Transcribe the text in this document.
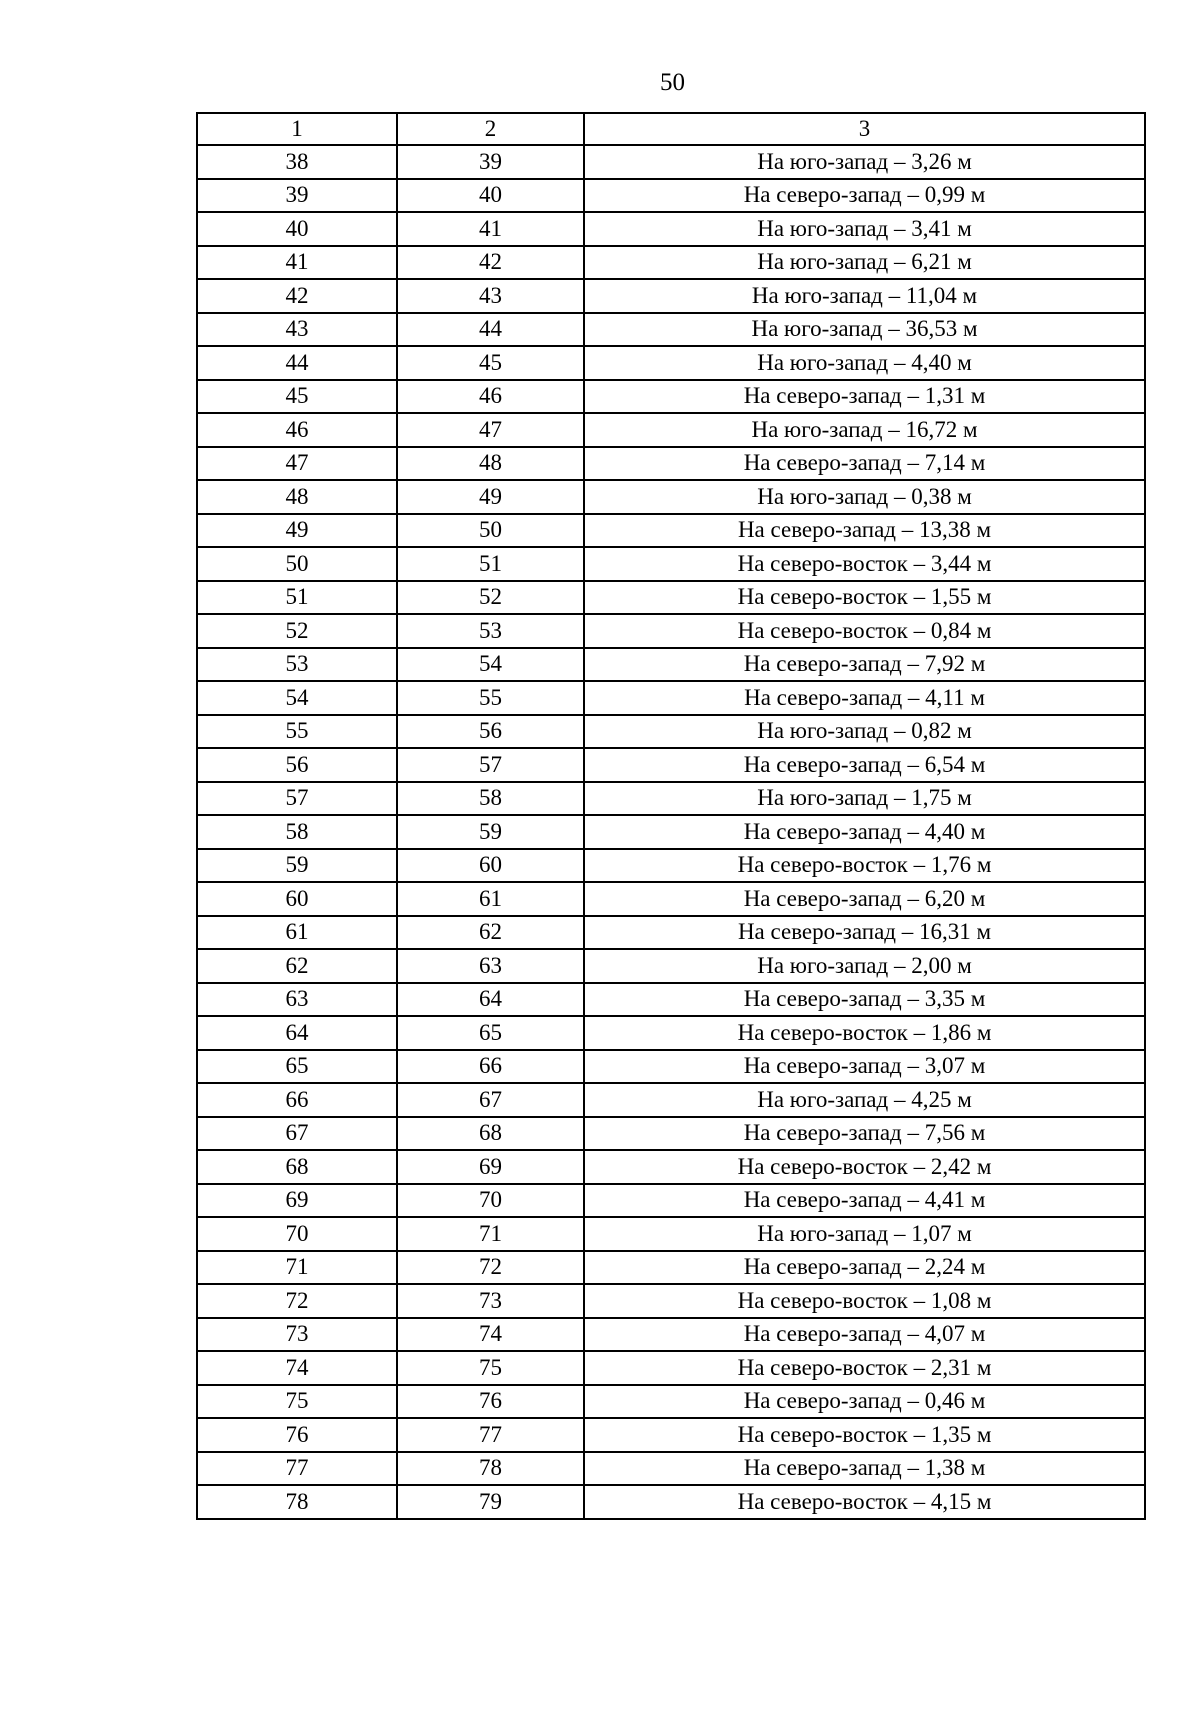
50
1	2	3
38	39	На юго-запад – 3,26 м
39	40	На северо-запад – 0,99 м
40	41	На юго-запад – 3,41 м
41	42	На юго-запад – 6,21 м
42	43	На юго-запад – 11,04 м
43	44	На юго-запад – 36,53 м
44	45	На юго-запад – 4,40 м
45	46	На северо-запад – 1,31 м
46	47	На юго-запад – 16,72 м
47	48	На северо-запад – 7,14 м
48	49	На юго-запад – 0,38 м
49	50	На северо-запад – 13,38 м
50	51	На северо-восток – 3,44 м
51	52	На северо-восток – 1,55 м
52	53	На северо-восток – 0,84 м
53	54	На северо-запад – 7,92 м
54	55	На северо-запад – 4,11 м
55	56	На юго-запад – 0,82 м
56	57	На северо-запад – 6,54 м
57	58	На юго-запад – 1,75 м
58	59	На северо-запад – 4,40 м
59	60	На северо-восток – 1,76 м
60	61	На северо-запад – 6,20 м
61	62	На северо-запад – 16,31 м
62	63	На юго-запад – 2,00 м
63	64	На северо-запад – 3,35 м
64	65	На северо-восток – 1,86 м
65	66	На северо-запад – 3,07 м
66	67	На юго-запад – 4,25 м
67	68	На северо-запад – 7,56 м
68	69	На северо-восток – 2,42 м
69	70	На северо-запад – 4,41 м
70	71	На юго-запад – 1,07 м
71	72	На северо-запад – 2,24 м
72	73	На северо-восток – 1,08 м
73	74	На северо-запад – 4,07 м
74	75	На северо-восток – 2,31 м
75	76	На северо-запад – 0,46 м
76	77	На северо-восток – 1,35 м
77	78	На северо-запад – 1,38 м
78	79	На северо-восток – 4,15 м
